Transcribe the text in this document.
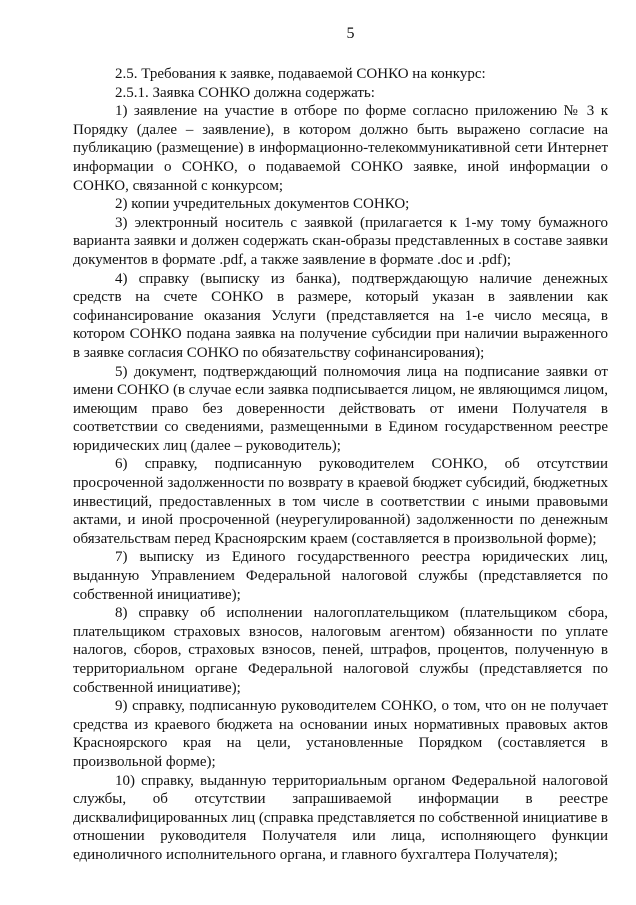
5

2.5. Требования к заявке, подаваемой СОНКО на конкурс:

2.5.1. Заявка СОНКО должна содержать:

1) заявление на участие в отборе по форме согласно приложению № 3 к Порядку (далее – заявление), в котором должно быть выражено согласие на публикацию (размещение) в информационно-телекоммуникативной сети Интернет информации о СОНКО, о подаваемой СОНКО заявке, иной информации о СОНКО, связанной с конкурсом;

2) копии учредительных документов СОНКО;

3) электронный носитель с заявкой (прилагается к 1-му тому бумажного варианта заявки и должен содержать скан-образы представленных в составе заявки документов в формате .pdf, а также заявление в формате .doc и .pdf);

4) справку (выписку из банка), подтверждающую наличие денежных средств на счете СОНКО в размере, который указан в заявлении как софинансирование оказания Услуги (представляется на 1-е число месяца, в котором СОНКО подана заявка на получение субсидии при наличии выраженного в заявке согласия СОНКО по обязательству софинансирования);

5) документ, подтверждающий полномочия лица на подписание заявки от имени СОНКО (в случае если заявка подписывается лицом, не являющимся лицом, имеющим право без доверенности действовать от имени Получателя в соответствии со сведениями, размещенными в Едином государственном реестре юридических лиц (далее – руководитель);

6) справку, подписанную руководителем СОНКО, об отсутствии просроченной задолженности по возврату в краевой бюджет субсидий, бюджетных инвестиций, предоставленных в том числе в соответствии с иными правовыми актами, и иной просроченной (неурегулированной) задолженности по денежным обязательствам перед Красноярским краем (составляется в произвольной форме);

7) выписку из Единого государственного реестра юридических лиц, выданную Управлением Федеральной налоговой службы (представляется по собственной инициативе);

8) справку об исполнении налогоплательщиком (плательщиком сбора, плательщиком страховых взносов, налоговым агентом) обязанности по уплате налогов, сборов, страховых взносов, пеней, штрафов, процентов, полученную в территориальном органе Федеральной налоговой службы (представляется по собственной инициативе);

9) справку, подписанную руководителем СОНКО, о том, что он не получает средства из краевого бюджета на основании иных нормативных правовых актов Красноярского края на цели, установленные Порядком (составляется в произвольной форме);

10) справку, выданную территориальным органом Федеральной налоговой службы, об отсутствии запрашиваемой информации в реестре дисквалифицированных лиц (справка представляется по собственной инициативе в отношении руководителя Получателя или лица, исполняющего функции единоличного исполнительного органа, и главного бухгалтера Получателя);
